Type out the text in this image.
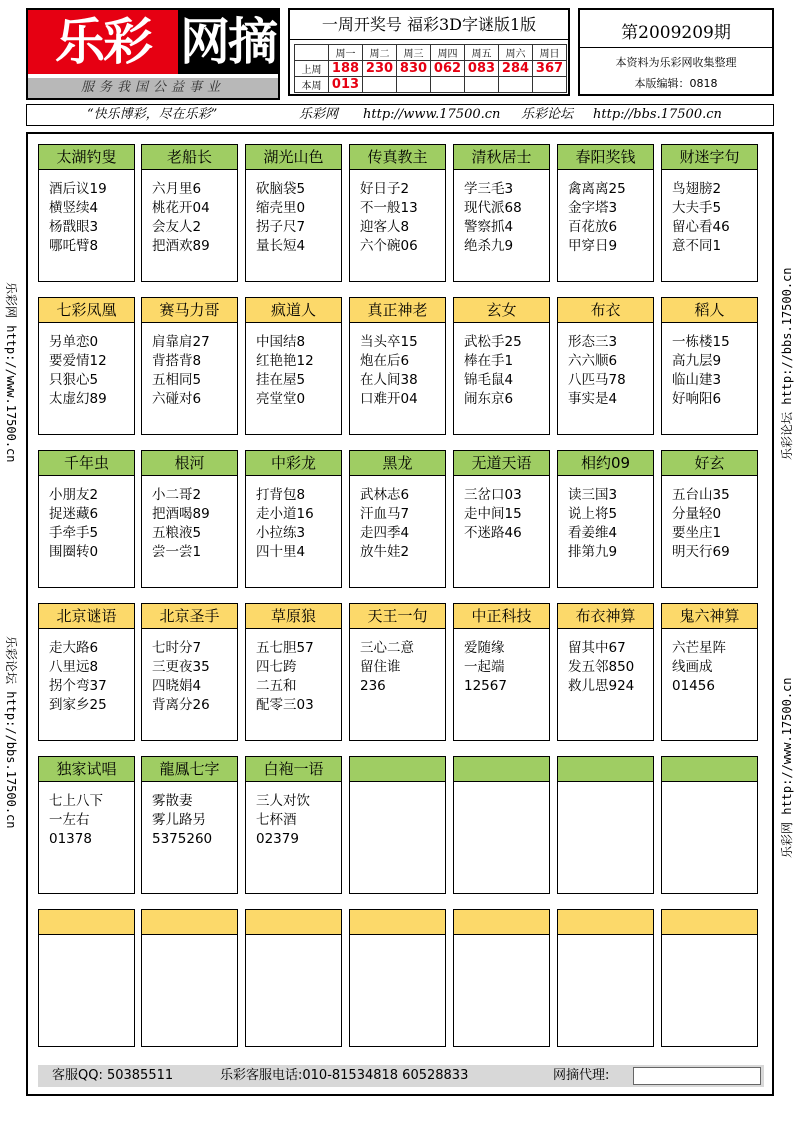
乐彩 网摘
服务我国公益事业
一周开奖号 福彩3D字谜版1版
	周一	周二	周三	周四	周五	周六	周日
上周	188	230	830	062	083	284	367
本周	013						
第2009209期
本资料为乐彩网收集整理
本版编辑：0818
“快乐博彩，尽在乐彩”	乐彩网 http://www.17500.cn 乐彩论坛 http://bbs.17500.cn
乐彩网 http://www.17500.cn
乐彩论坛 http://bbs.17500.cn
乐彩论坛 http://bbs.17500.cn
乐彩网 http://www.17500.cn
太湖钓叟
酒后议19
横竖续4
杨戬眼3
哪吒臂8
老船长
六月里6
桃花开04
会友人2
把酒欢89
湖光山色
砍脑袋5
缩壳里0
拐子尺7
量长短4
传真教主
好日子2
不一般13
迎客人8
六个碗06
清秋居士
学三毛3
现代派68
警察抓4
绝杀九9
春阳奖钱
禽离离25
金字塔3
百花放6
甲穿日9
财迷字句
鸟翅膀2
大夫手5
留心看46
意不同1
七彩凤凰
另单恋0
要爱情12
只狠心5
太虚幻89
赛马力哥
肩靠肩27
背搭背8
五相同5
六碰对6
疯道人
中国结8
红艳艳12
挂在屋5
亮堂堂0
真正神老
当头卒15
炮在后6
在人间38
口难开04
玄女
武松手25
棒在手1
锦毛鼠4
闹东京6
布衣
形态三3
六六顺6
八匹马78
事实是4
稻人
一栋楼15
高九层9
临山建3
好响阳6
千年虫
小朋友2
捉迷藏6
手牵手5
围圈转0
根河
小二哥2
把酒喝89
五粮液5
尝一尝1
中彩龙
打背包8
走小道16
小拉练3
四十里4
黑龙
武林志6
汗血马7
走四季4
放牛娃2
无道天语
三岔口03
走中间15
不迷路46
相约09
读三国3
说上将5
看姜维4
排第九9
好玄
五台山35
分量轻0
要坐庄1
明天行69
北京谜语
走大路6
八里远8
拐个弯37
到家乡25
北京圣手
七时分7
三更夜35
四晓娟4
背离分26
草原狼
五七胆57
四七跨
二五和
配零三03
天王一句
三心二意
留住谁
236
中正科技
爱随缘
一起端
12567
布衣神算
留其中67
发五邻850
救儿思924
鬼六神算
六芒星阵
线画成
01456
独家试唱
七上八下
一左右
01378
龍鳳七字
雾散妻
雾儿路另
5375260
白袍一语
三人对饮
七杯酒
02379
客服QQ: 50385511	乐彩客服电话:010-81534818 60528833	网摘代理:
